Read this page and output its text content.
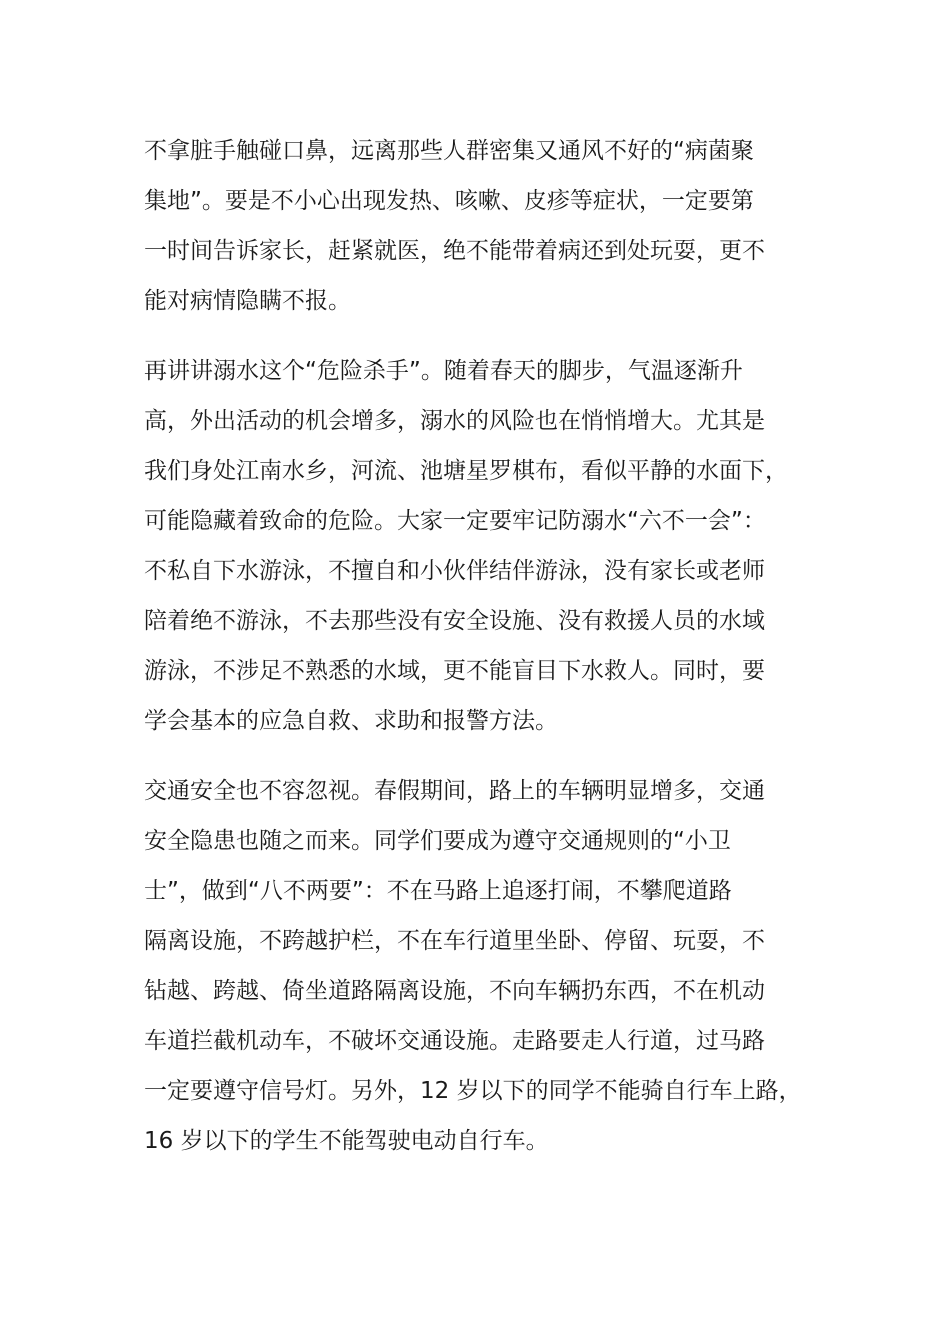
不拿脏手触碰口鼻，远离那些人群密集又通风不好的“病菌聚
集地”。要是不小心出现发热、咳嗽、皮疹等症状，一定要第
一时间告诉家长，赶紧就医，绝不能带着病还到处玩耍，更不
能对病情隐瞒不报。
再讲讲溺水这个“危险杀手”。随着春天的脚步，气温逐渐升
高，外出活动的机会增多，溺水的风险也在悄悄增大。尤其是
我们身处江南水乡，河流、池塘星罗棋布，看似平静的水面下，
可能隐藏着致命的危险。大家一定要牢记防溺水“六不一会”：
不私自下水游泳，不擅自和小伙伴结伴游泳，没有家长或老师
陪着绝不游泳，不去那些没有安全设施、没有救援人员的水域
游泳，不涉足不熟悉的水域，更不能盲目下水救人。同时，要
学会基本的应急自救、求助和报警方法。
交通安全也不容忽视。春假期间，路上的车辆明显增多，交通
安全隐患也随之而来。同学们要成为遵守交通规则的“小卫
士”，做到“八不两要”：不在马路上追逐打闹，不攀爬道路
隔离设施，不跨越护栏，不在车行道里坐卧、停留、玩耍，不
钻越、跨越、倚坐道路隔离设施，不向车辆扔东西，不在机动
车道拦截机动车，不破坏交通设施。走路要走人行道，过马路
一定要遵守信号灯。另外，12 岁以下的同学不能骑自行车上路，
16 岁以下的学生不能驾驶电动自行车。
